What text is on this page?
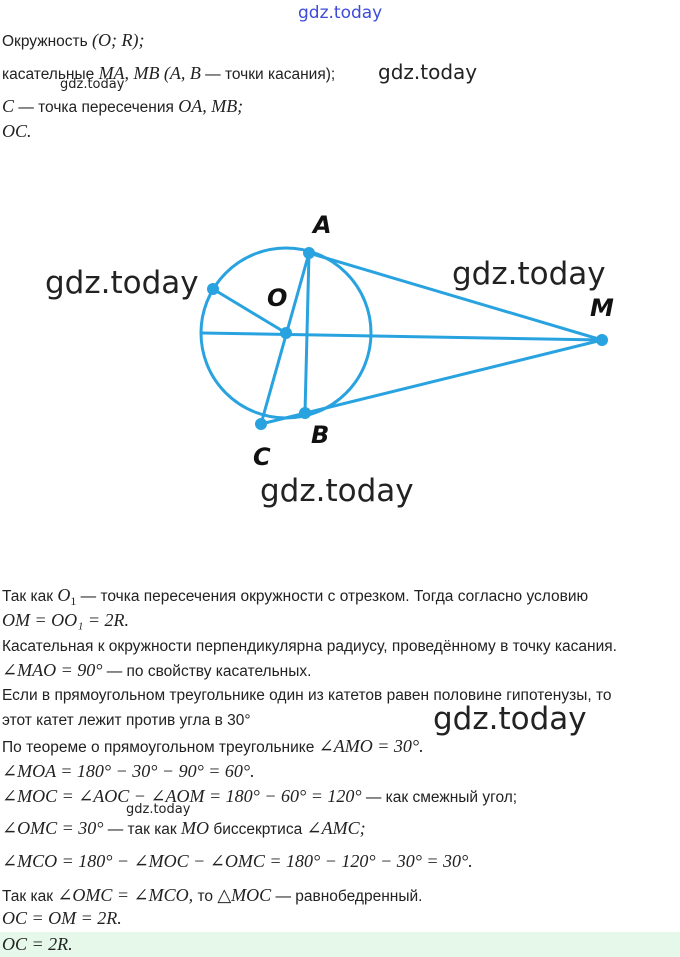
gdz.today
gdz.today
gdz.today
gdz.today
gdz.today
Окружность (O; R);
касательные MA, MB (A, B — точки касания);
C — точка пересечения OA, MB;
OC.
A
O	M
B
C
gdz.today	gdz.today
gdz.today
Так как $O_1$ — точка пересечения окружности с отрезком. Тогда согласно условию
OM = OO₁ = 2R.
Касательная к окружности перпендикулярна радиусу, проведённому в точку касания.
∠MAO = 90° — по свойству касательных.
Если в прямоугольном треугольнике один из катетов равен половине гипотенузы, то
этот катет лежит против угла в 30°
По теореме о прямоугольном треугольнике ∠AMO = 30°.
∠MOA = 180° − 30° − 90° = 60°.
∠MOC = ∠AOC − ∠AOM = 180° − 60° = 120° — как смежный угол;
∠OMC = 30° — так как MO биссекртиса ∠AMC;
∠MCO = 180° − ∠MOC − ∠OMC = 180° − 120° − 30° = 30°.
Так как ∠OMC = ∠MCO, то △MOC — равнобедренный.
OC = OM = 2R.
OC = 2R.
